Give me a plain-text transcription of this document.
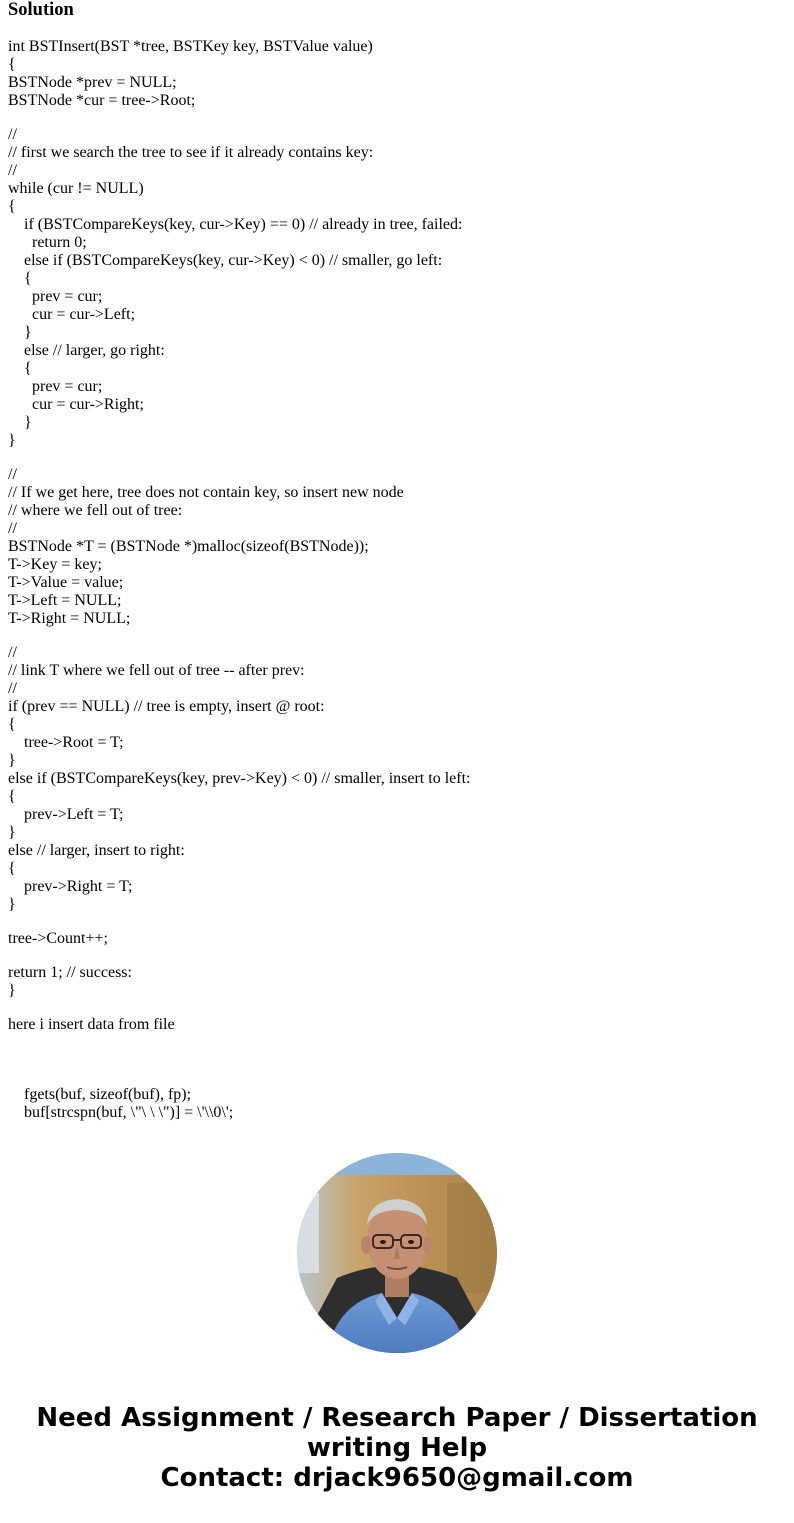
Solution
int BSTInsert(BST *tree, BSTKey key, BSTValue value)
{
BSTNode *prev = NULL;
BSTNode *cur = tree->Root;
//
// first we search the tree to see if it already contains key:
//
while (cur != NULL)
{
if (BSTCompareKeys(key, cur->Key) == 0) // already in tree, failed:
return 0;
else if (BSTCompareKeys(key, cur->Key) < 0) // smaller, go left:
{
prev = cur;
cur = cur->Left;
}
else // larger, go right:
{
prev = cur;
cur = cur->Right;
}
}
//
// If we get here, tree does not contain key, so insert new node
// where we fell out of tree:
//
BSTNode *T = (BSTNode *)malloc(sizeof(BSTNode));
T->Key = key;
T->Value = value;
T->Left = NULL;
T->Right = NULL;
//
// link T where we fell out of tree -- after prev:
//
if (prev == NULL) // tree is empty, insert @ root:
{
tree->Root = T;
}
else if (BSTCompareKeys(key, prev->Key) < 0) // smaller, insert to left:
{
prev->Left = T;
}
else // larger, insert to right:
{
prev->Right = T;
}
tree->Count++;
return 1; // success:
}
here i insert data from file
fgets(buf, sizeof(buf), fp);
buf[strcspn(buf, \"\ \ \")] = \'\\0\';
Need Assignment / Research Paper / Dissertation
writing Help
Contact: drjack9650@gmail.com
